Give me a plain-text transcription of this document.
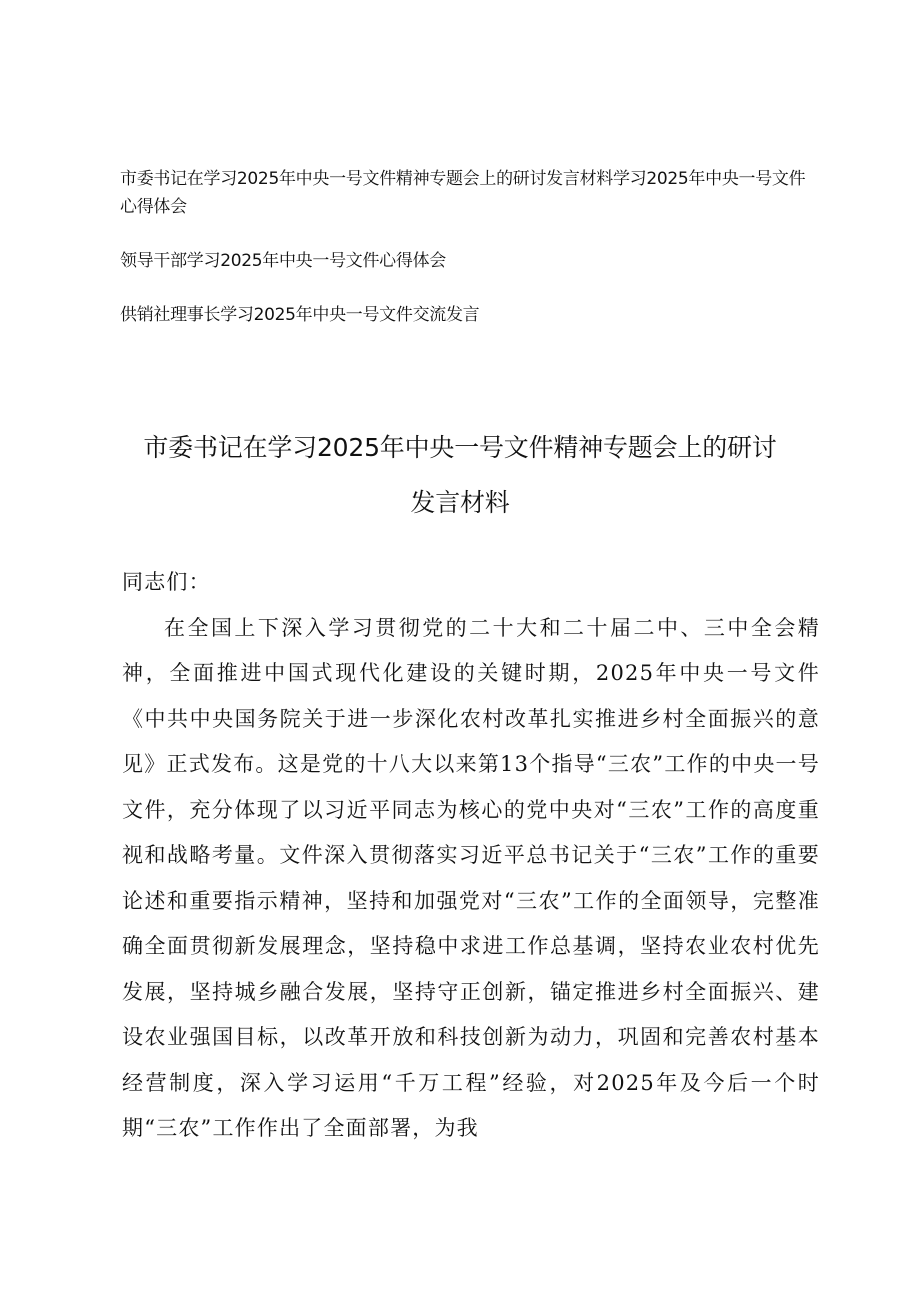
市委书记在学习2025年中央一号文件精神专题会上的研讨发言材料学习2025年中央一号文件心得体会

领导干部学习2025年中央一号文件心得体会

供销社理事长学习2025年中央一号文件交流发言

市委书记在学习2025年中央一号文件精神专题会上的研讨发言材料

同志们：

在全国上下深入学习贯彻党的二十大和二十届二中、三中全会精神，全面推进中国式现代化建设的关键时期，2025年中央一号文件《中共中央国务院关于进一步深化农村改革扎实推进乡村全面振兴的意见》正式发布。这是党的十八大以来第13个指导“三农”工作的中央一号文件，充分体现了以习近平同志为核心的党中央对“三农”工作的高度重视和战略考量。文件深入贯彻落实习近平总书记关于“三农”工作的重要论述和重要指示精神，坚持和加强党对“三农”工作的全面领导，完整准确全面贯彻新发展理念，坚持稳中求进工作总基调，坚持农业农村优先发展，坚持城乡融合发展，坚持守正创新，锚定推进乡村全面振兴、建设农业强国目标，以改革开放和科技创新为动力，巩固和完善农村基本经营制度，深入学习运用“千万工程”经验，对2025年及今后一个时期“三农”工作作出了全面部署，为我
